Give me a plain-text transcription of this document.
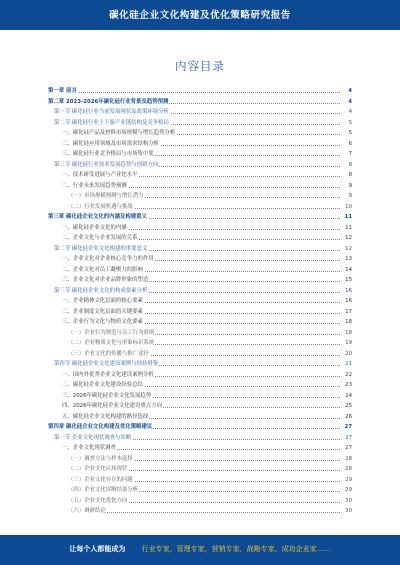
碳化硅企业文化构建及优化策略研究报告
内容目录
第一章 前言	4
第二章 2023-2026年碳化硅行业背景及趋势预测	4
第一节 碳化硅行业当前发展现状及政策环境分析	4
第二节 碳化硅行业上下游产业链结构及竞争格局	5
一、碳化硅产品及材料市场规模与增长趋势分析	5
二、碳化硅应用领域及市场需求结构分析	6
三、碳化硅行业竞争格局与市场集中度	7
第三节 碳化硅行业技术发展趋势与创新方向	8
一、技术研发进展与产业化水平	8
二、行业未来发展趋势预测	9
（一）市场规模预测与增长潜力	9
（二）行业发展机遇与挑战	10
第三章 碳化硅企业文化的内涵及构建意义	11
一、碳化硅企业文化的内涵	11
二、企业文化与企业发展的关系	12
第二节 碳化硅企业文化构建的重要意义	12
一、企业文化对企业核心竞争力的作用	13
二、企业文化对员工凝聚力的影响	14
三、企业文化对企业品牌形象的塑造	15
第三节 碳化硅企业文化的构成要素分析	16
一、企业精神文化层面的核心要素	16
二、企业制度文化层面的关键要素	17
三、企业行为文化与物质文化要素	18
（一）企业行为规范与员工行为准则	18
（二）企业物质文化与形象标识系统	19
（三）企业文化的传播与推广途径	20
第四节 碳化硅企业文化建设案例与经验借鉴	21
一、国内外优秀企业文化建设案例分析	22
二、碳化硅企业文化建设经验总结	23
三、2026年碳化硅企业文化发展趋势	24
四、2026年碳化硅企业文化建设重点方向	25
五、碳化硅企业文化构建的路径选择	26
第四章 碳化硅企业文化构建及优化策略建议	27
第一节 企业文化现状调查与诊断	27
一、企业文化现状调查	27
（一）调查方法与样本选择	28
（二）企业文化认知现状	28
（三）企业文化存在的问题	29
（四）企业文化诊断结果分析	29
（五）企业文化优化方向	30
（六）调研结论	30
让每个人都能成为 行业专家，管理专家，营销专家，战略专家，成功企业家……
